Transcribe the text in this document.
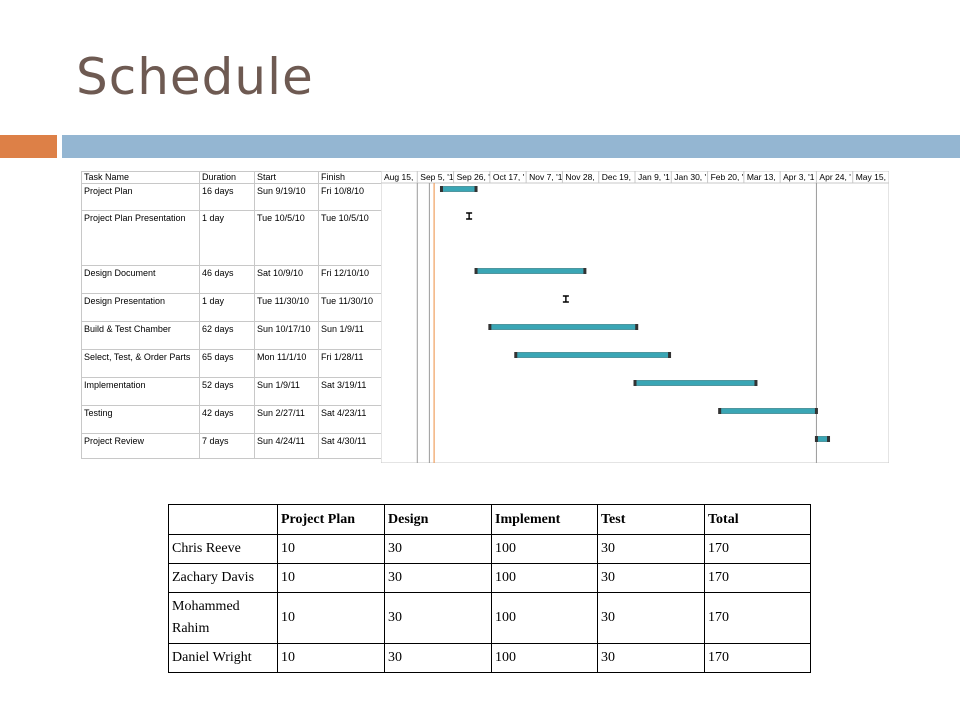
Schedule
Task Name	Duration	Start	Finish
Project Plan	16 days	Sun 9/19/10	Fri 10/8/10
Project Plan Presentation	1 day	Tue 10/5/10	Tue 10/5/10
Design Document	46 days	Sat 10/9/10	Fri 12/10/10
Design Presentation	1 day	Tue 11/30/10	Tue 11/30/10
Build & Test Chamber	62 days	Sun 10/17/10	Sun 1/9/11
Select, Test, & Order Parts	65 days	Mon 11/1/10	Fri 1/28/11
Implementation	52 days	Sun 1/9/11	Sat 3/19/11
Testing	42 days	Sun 2/27/11	Sat 4/23/11
Project Review	7 days	Sun 4/24/11	Sat 4/30/11
Aug 15, Sep 5, '1 Sep 26, ' Oct 17, ' Nov 7, '1 Nov 28, Dec 19, Jan 9, '1 Jan 30, ' Feb 20, ' Mar 13, Apr 3, '1 Apr 24, ' May 15,
	Project Plan	Design	Implement	Test	Total
Chris Reeve	10	30	100	30	170
Zachary Davis	10	30	100	30	170
Mohammed Rahim	10	30	100	30	170
Daniel Wright	10	30	100	30	170
